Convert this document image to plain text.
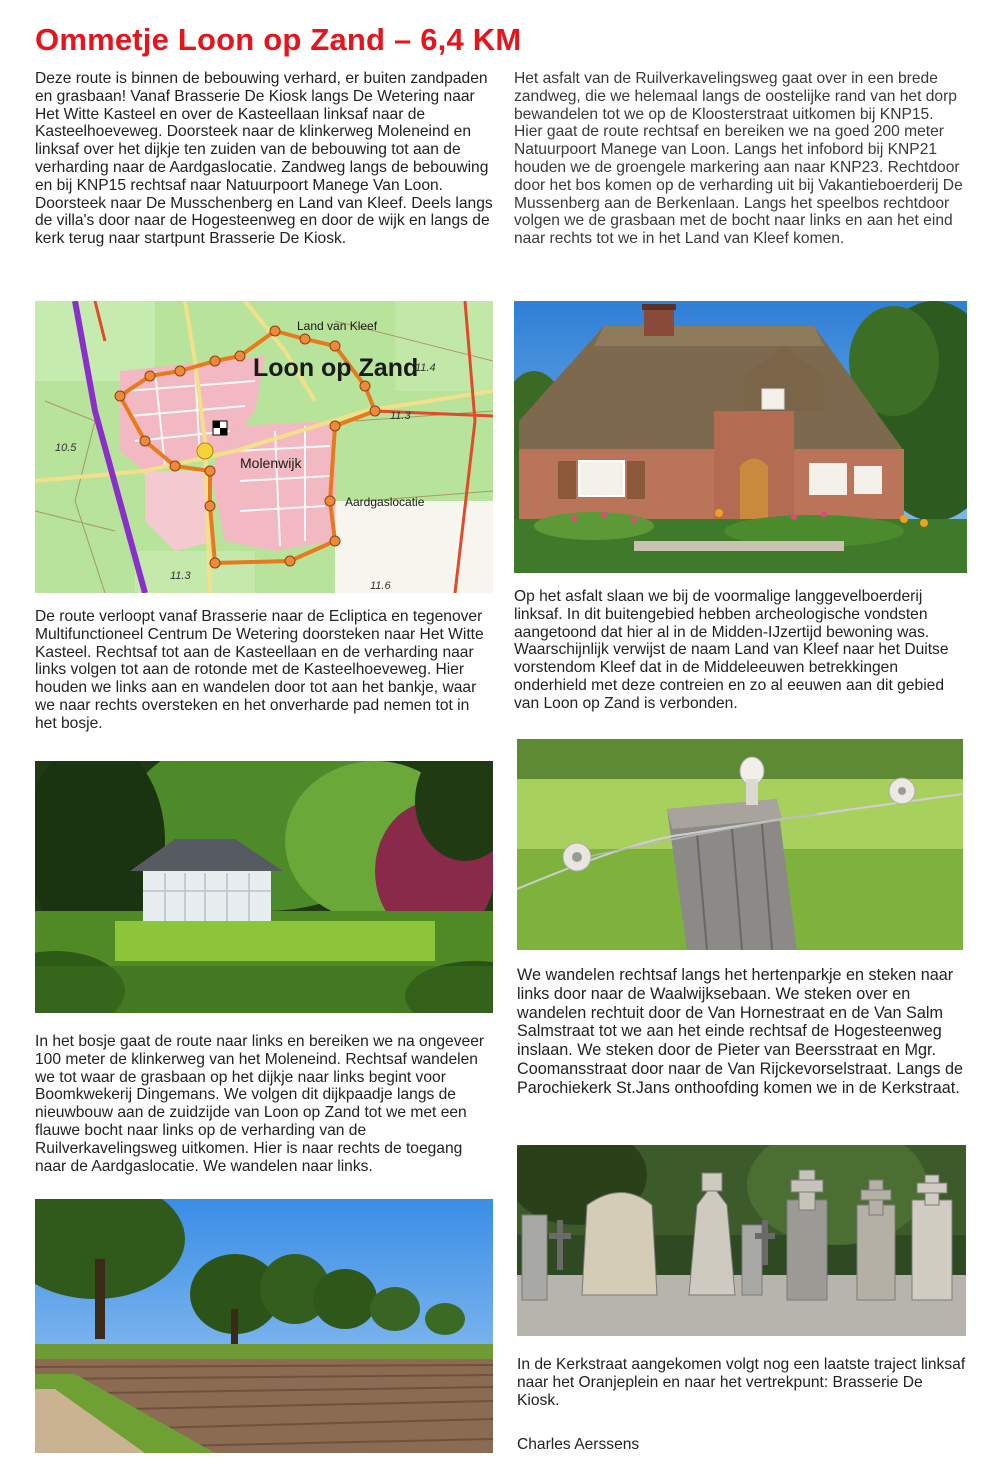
Ommetje Loon op Zand – 6,4 KM

Deze route is binnen de bebouwing verhard, er buiten zandpaden en grasbaan! Vanaf Brasserie De Kiosk langs De Wetering naar Het Witte Kasteel en over de Kasteellaan linksaf naar de Kasteelhoeveweg. Doorsteek naar de klinkerweg Moleneind en linksaf over het dijkje ten zuiden van de bebouwing tot aan de verharding naar de Aardgaslocatie. Zandweg langs de bebouwing en bij KNP15 rechtsaf naar Natuurpoort Manege Van Loon. Doorsteek naar De Musschenberg en Land van Kleef. Deels langs de villa's door naar de Hogesteenweg en door de wijk en langs de kerk terug naar startpunt Brasserie De Kiosk.

De route verloopt vanaf Brasserie naar de Ecliptica en tegenover Multifunctioneel Centrum De Wetering doorsteken naar Het Witte Kasteel. Rechtsaf tot aan de Kasteellaan en de verharding naar links volgen tot aan de rotonde met de Kasteelhoeveweg. Hier houden we links aan en wandelen door tot aan het bankje, waar we naar rechts oversteken en het onverharde pad nemen tot in het bosje.

In het bosje gaat de route naar links en bereiken we na ongeveer 100 meter de klinkerweg van het Moleneind. Rechtsaf wandelen we tot waar de grasbaan op het dijkje naar links begint voor Boomkwekerij Dingemans. We volgen dit dijkpaadje langs de nieuwbouw aan de zuidzijde van Loon op Zand tot we met een flauwe bocht naar links op de verharding van de Ruilverkavelingsweg uitkomen. Hier is naar rechts de toegang naar de Aardgaslocatie. We wandelen naar links.

Het asfalt van de Ruilverkavelingsweg gaat over in een brede zandweg, die we helemaal langs de oostelijke rand van het dorp bewandelen tot we op de Kloosterstraat uitkomen bij KNP15. Hier gaat de route rechtsaf en bereiken we na goed 200 meter Natuurpoort Manege van Loon. Langs het infobord bij KNP21 houden we de groengele markering aan naar KNP23. Rechtdoor door het bos komen op de verharding uit bij Vakantieboerderij De Mussenberg aan de Berkenlaan. Langs het speelbos rechtdoor volgen we de grasbaan met de bocht naar links en aan het eind naar rechts tot we in het Land van Kleef komen.

Op het asfalt slaan we bij de voormalige langgevelboerderij linksaf. In dit buitengebied hebben archeologische vondsten aangetoond dat hier al in de Midden-IJzertijd bewoning was. Waarschijnlijk verwijst de naam Land van Kleef naar het Duitse vorstendom Kleef dat in de Middeleeuwen betrekkingen onderhield met deze contreien en zo al eeuwen aan dit gebied van Loon op Zand is verbonden.

We wandelen rechtsaf langs het hertenparkje en steken naar links door naar de Waalwijksebaan. We steken over en wandelen rechtuit door de Van Hornestraat en de Van Salm Salmstraat tot we aan het einde rechtsaf de Hogesteenweg inslaan. We steken door de Pieter van Beersstraat en Mgr. Coomansstraat door naar de Van Rijckevorselstraat. Langs de Parochiekerk St.Jans onthoofding komen we in de Kerkstraat.

In de Kerkstraat aangekomen volgt nog een laatste traject linksaf naar het Oranjeplein en naar het vertrekpunt: Brasserie De Kiosk.

Charles Aerssens
Land van Kleef
Loon op Zand
Molenwijk
Aardgaslocatie
11.3
11.6
11.3
10.5
11.4
